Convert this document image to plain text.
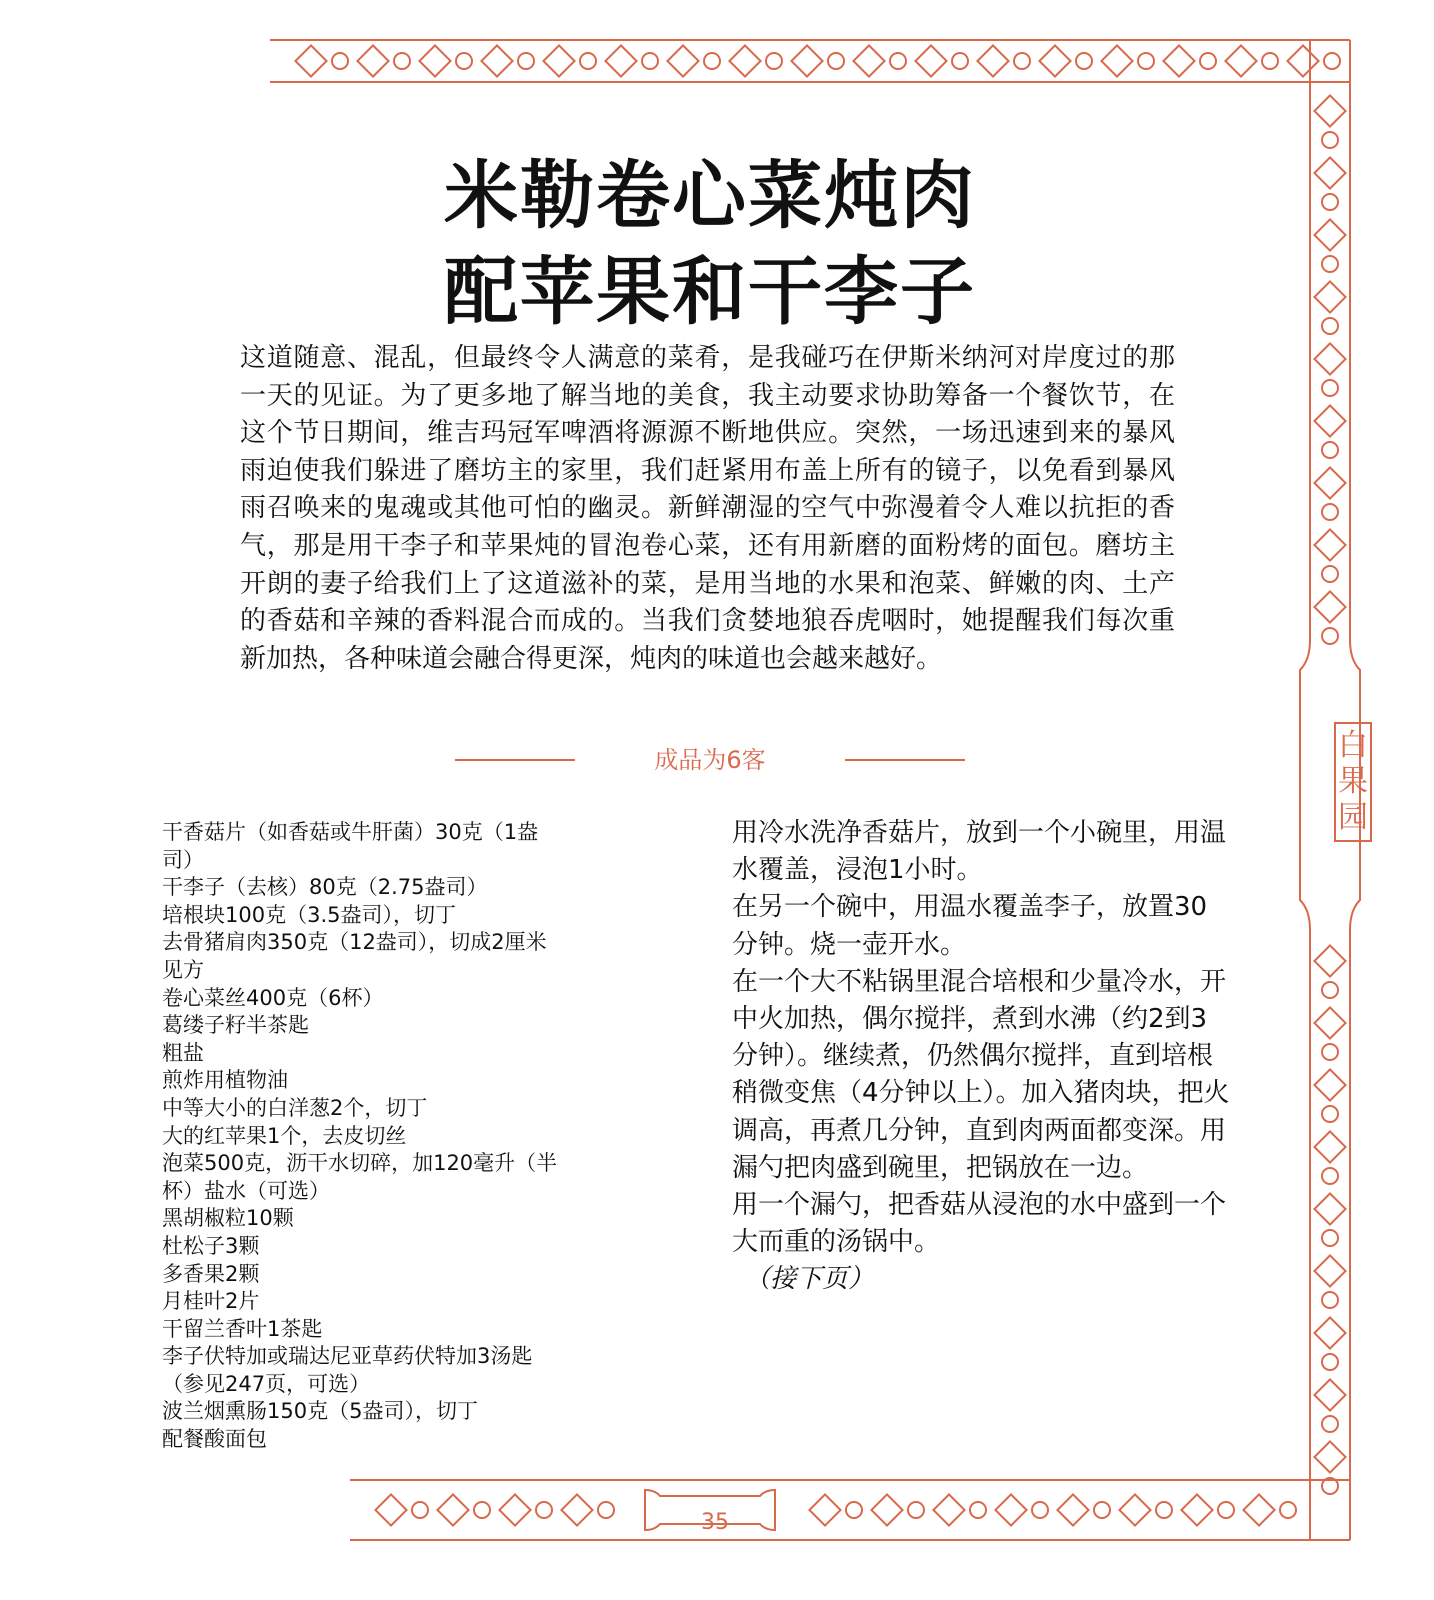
米勒卷心菜炖肉
配苹果和干李子

这道随意、混乱，但最终令人满意的菜肴，是我碰巧在伊斯米纳河对岸度过的那一天的见证。为了更多地了解当地的美食，我主动要求协助筹备一个餐饮节，在这个节日期间，维吉玛冠军啤酒将源源不断地供应。突然，一场迅速到来的暴风雨迫使我们躲进了磨坊主的家里，我们赶紧用布盖上所有的镜子，以免看到暴风雨召唤来的鬼魂或其他可怕的幽灵。新鲜潮湿的空气中弥漫着令人难以抗拒的香气，那是用干李子和苹果炖的冒泡卷心菜，还有用新磨的面粉烤的面包。磨坊主开朗的妻子给我们上了这道滋补的菜，是用当地的水果和泡菜、鲜嫩的肉、土产的香菇和辛辣的香料混合而成的。当我们贪婪地狼吞虎咽时，她提醒我们每次重新加热，各种味道会融合得更深，炖肉的味道也会越来越好。

成品为6客
干香菇片（如香菇或牛肝菌）30克（1盎司）
干李子（去核）80克（2.75盎司）
培根块100克（3.5盎司），切丁
去骨猪肩肉350克（12盎司），切成2厘米见方
卷心菜丝400克（6杯）
葛缕子籽半茶匙
粗盐
煎炸用植物油
中等大小的白洋葱2个，切丁
大的红苹果1个，去皮切丝
泡菜500克，沥干水切碎，加120毫升（半杯）盐水（可选）
黑胡椒粒10颗
杜松子3颗
多香果2颗
月桂叶2片
干留兰香叶1茶匙
李子伏特加或瑞达尼亚草药伏特加3汤匙（参见247页，可选）
波兰烟熏肠150克（5盎司），切丁
配餐酸面包

用冷水洗净香菇片，放到一个小碗里，用温水覆盖，浸泡1小时。

在另一个碗中，用温水覆盖李子，放置30分钟。烧一壶开水。

在一个大不粘锅里混合培根和少量冷水，开中火加热，偶尔搅拌，煮到水沸（约2到3分钟）。继续煮，仍然偶尔搅拌，直到培根稍微变焦（4分钟以上）。加入猪肉块，把火调高，再煮几分钟，直到肉两面都变深。用漏勺把肉盛到碗里，把锅放在一边。

用一个漏勺，把香菇从浸泡的水中盛到一个大而重的汤锅中。

（接下页）

白
果
园
35
